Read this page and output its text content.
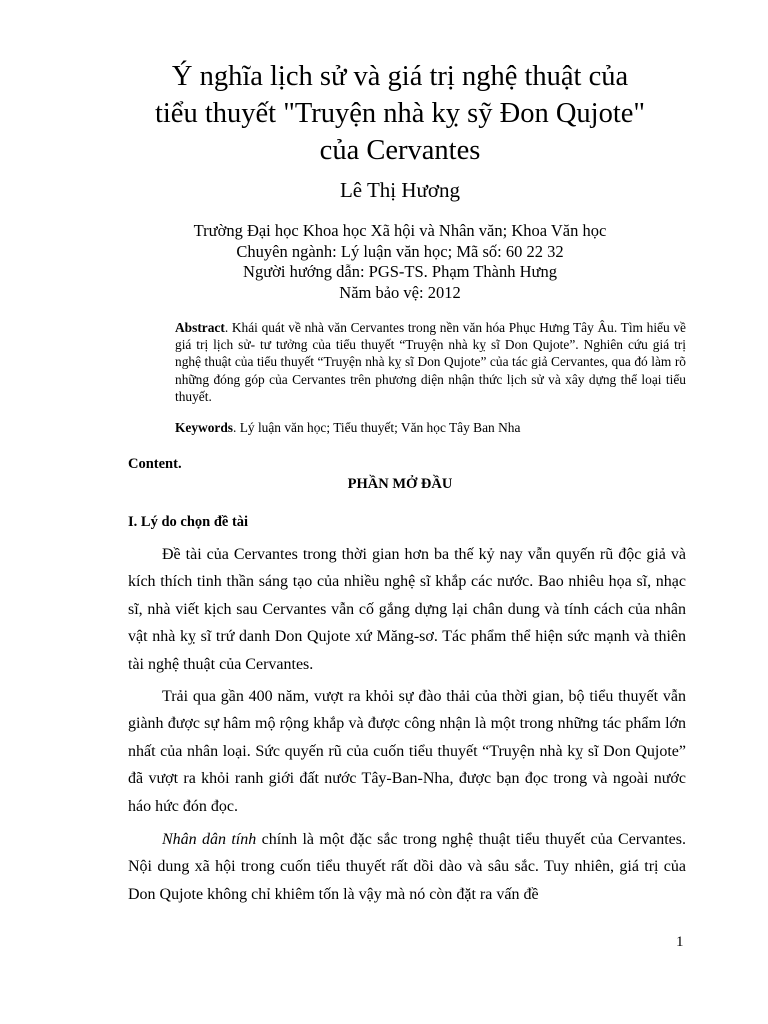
Ý nghĩa lịch sử và giá trị nghệ thuật của
tiểu thuyết "Truyện nhà kỵ sỹ Đon Qujote"
của Cervantes
Lê Thị Hương
Trường Đại học Khoa học Xã hội và Nhân văn; Khoa Văn học
Chuyên ngành: Lý luận văn học; Mã số: 60 22 32
Người hướng dẫn: PGS-TS. Phạm Thành Hưng
Năm bảo vệ: 2012
Abstract. Khái quát về nhà văn Cervantes trong nền văn hóa Phục Hưng Tây Âu. Tìm hiểu về giá trị lịch sử- tư tưởng của tiểu thuyết “Truyện nhà kỵ sĩ Don Qujote”. Nghiên cứu giá trị nghệ thuật của tiểu thuyết “Truyện nhà kỵ sĩ Don Qujote” của tác giả Cervantes, qua đó làm rõ những đóng góp của Cervantes trên phương diện nhận thức lịch sử và xây dựng thể loại tiểu thuyết.
Keywords. Lý luận văn học; Tiểu thuyết; Văn học Tây Ban Nha
Content.
PHẦN MỞ ĐẦU
I. Lý do chọn đề tài

Đề tài của Cervantes trong thời gian hơn ba thế kỷ nay vẫn quyến rũ độc giả và kích thích tinh thần sáng tạo của nhiều nghệ sĩ khắp các nước. Bao nhiêu họa sĩ, nhạc sĩ, nhà viết kịch sau Cervantes vẫn cố gắng dựng lại chân dung và tính cách của nhân vật nhà kỵ sĩ trứ danh Don Qujote xứ Măng-sơ. Tác phẩm thể hiện sức mạnh và thiên tài nghệ thuật của Cervantes.

Trải qua gần 400 năm, vượt ra khỏi sự đào thải của thời gian, bộ tiểu thuyết vẫn giành được sự hâm mộ rộng khắp và được công nhận là một trong những tác phẩm lớn nhất của nhân loại. Sức quyến rũ của cuốn tiểu thuyết “Truyện nhà kỵ sĩ Don Qujote” đã vượt ra khỏi ranh giới đất nước Tây-Ban-Nha, được bạn đọc trong và ngoài nước háo hức đón đọc.

Nhân dân tính chính là một đặc sắc trong nghệ thuật tiểu thuyết của Cervantes. Nội dung xã hội trong cuốn tiểu thuyết rất dồi dào và sâu sắc. Tuy nhiên, giá trị của Don Qujote không chỉ khiêm tốn là vậy mà nó còn đặt ra vấn đề

1
